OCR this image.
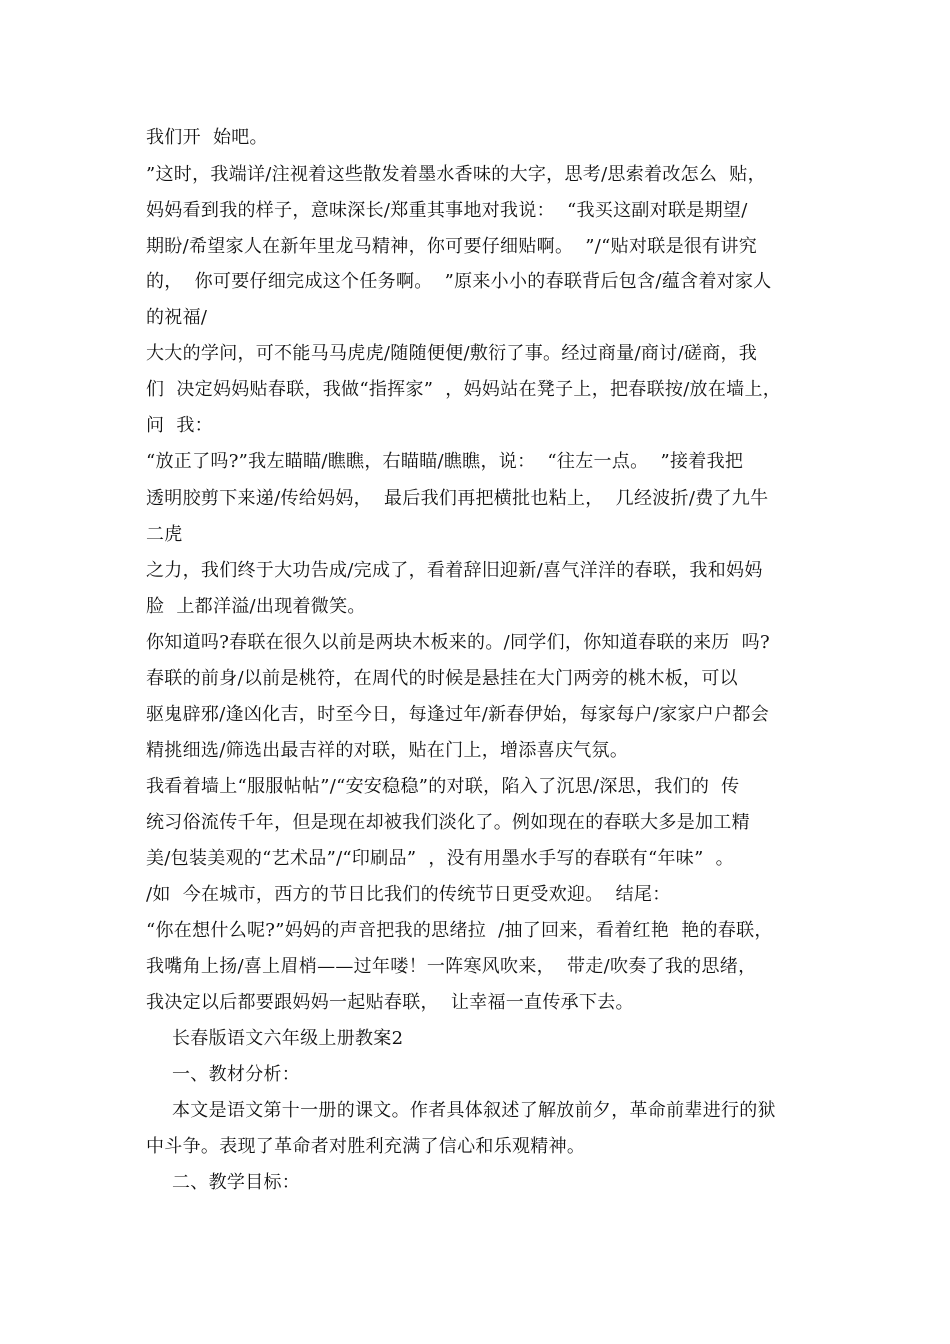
我们开  始吧。
”这时，我端详/注视着这些散发着墨水香味的大字，思考/思索着改怎么  贴，
妈妈看到我的样子，意味深长/郑重其事地对我说：  “我买这副对联是期望/
期盼/希望家人在新年里龙马精神，你可要仔细贴啊。  ”/“贴对联是很有讲究
的，  你可要仔细完成这个任务啊。  ”原来小小的春联背后包含/蕴含着对家人
的祝福/
大大的学问，可不能马马虎虎/随随便便/敷衍了事。经过商量/商讨/磋商，我
们  决定妈妈贴春联，我做“指挥家”  ，妈妈站在凳子上，把春联按/放在墙上，
问  我：
“放正了吗?”我左瞄瞄/瞧瞧，右瞄瞄/瞧瞧，说：  “往左一点。  ”接着我把
透明胶剪下来递/传给妈妈，  最后我们再把横批也粘上，  几经波折/费了九牛
二虎
之力，我们终于大功告成/完成了，看着辞旧迎新/喜气洋洋的春联，我和妈妈
脸  上都洋溢/出现着微笑。
你知道吗?春联在很久以前是两块木板来的。/同学们，你知道春联的来历  吗?
春联的前身/以前是桃符，在周代的时候是悬挂在大门两旁的桃木板，可以
驱鬼辟邪/逢凶化吉，时至今日，每逢过年/新春伊始，每家每户/家家户户都会
精挑细选/筛选出最吉祥的对联，贴在门上，增添喜庆气氛。
我看着墙上“服服帖帖”/“安安稳稳”的对联，陷入了沉思/深思，我们的  传
统习俗流传千年，但是现在却被我们淡化了。例如现在的春联大多是加工精
美/包装美观的“艺术品”/“印刷品”  ，没有用墨水手写的春联有“年味”  。
/如  今在城市，西方的节日比我们的传统节日更受欢迎。  结尾：
“你在想什么呢?”妈妈的声音把我的思绪拉  /抽了回来，看着红艳  艳的春联，
我嘴角上扬/喜上眉梢——过年喽！一阵寒风吹来，  带走/吹奏了我的思绪，
我决定以后都要跟妈妈一起贴春联，  让幸福一直传承下去。
长春版语文六年级上册教案2
一、教材分析：
本文是语文第十一册的课文。作者具体叙述了解放前夕，革命前辈进行的狱
中斗争。表现了革命者对胜利充满了信心和乐观精神。
二、教学目标：
